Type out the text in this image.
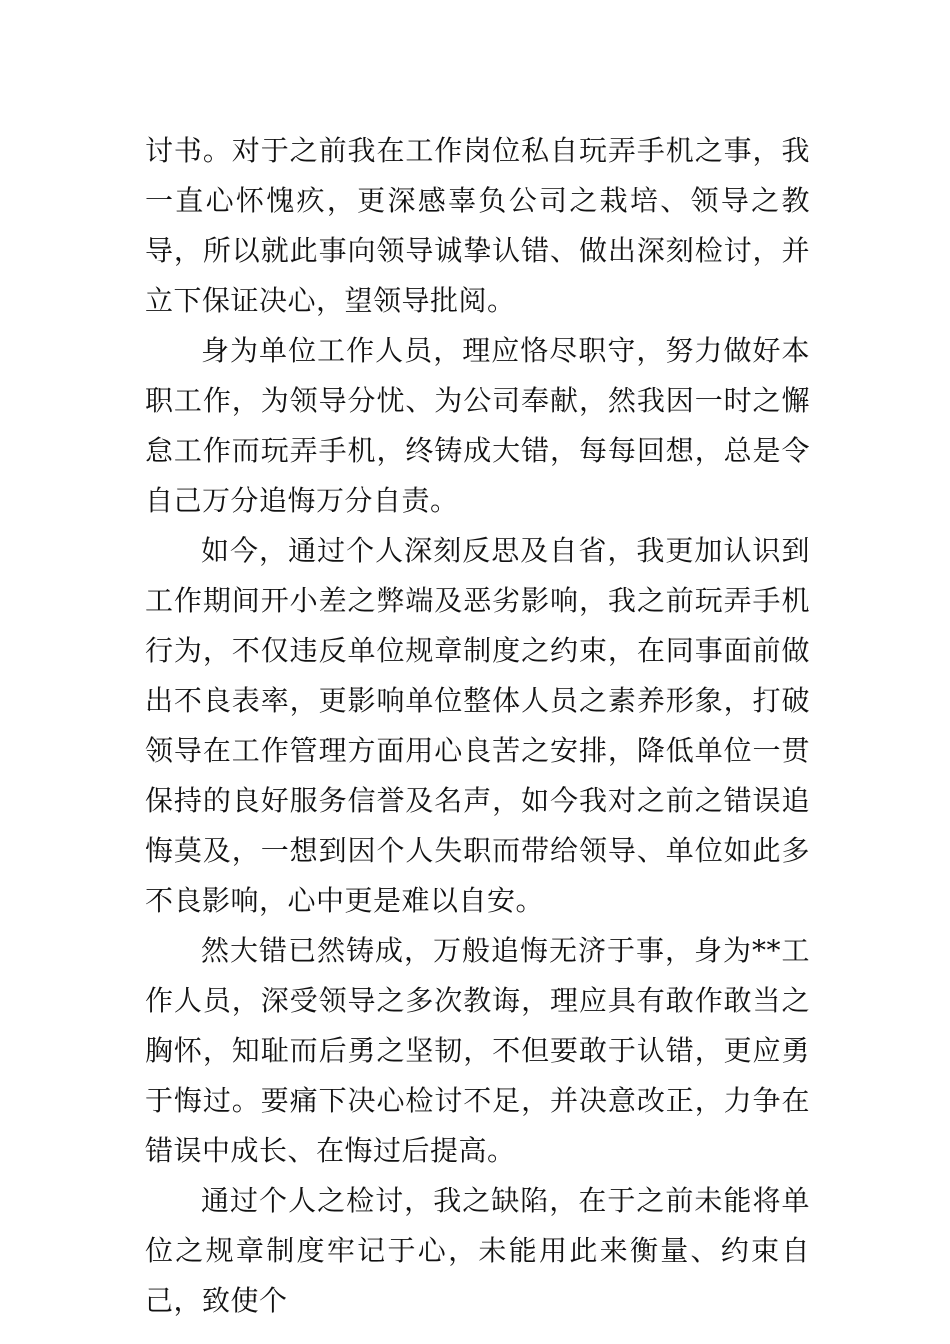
讨书。对于之前我在工作岗位私自玩弄手机之事，我一直心怀愧疚，更深感辜负公司之栽培、领导之教导，所以就此事向领导诚挚认错、做出深刻检讨，并立下保证决心，望领导批阅。

身为单位工作人员，理应恪尽职守，努力做好本职工作，为领导分忧、为公司奉献，然我因一时之懈怠工作而玩弄手机，终铸成大错，每每回想，总是令自己万分追悔万分自责。

如今，通过个人深刻反思及自省，我更加认识到工作期间开小差之弊端及恶劣影响，我之前玩弄手机行为，不仅违反单位规章制度之约束，在同事面前做出不良表率，更影响单位整体人员之素养形象，打破领导在工作管理方面用心良苦之安排，降低单位一贯保持的良好服务信誉及名声，如今我对之前之错误追悔莫及，一想到因个人失职而带给领导、单位如此多不良影响，心中更是难以自安。

然大错已然铸成，万般追悔无济于事，身为**工作人员，深受领导之多次教诲，理应具有敢作敢当之胸怀，知耻而后勇之坚韧，不但要敢于认错，更应勇于悔过。要痛下决心检讨不足，并决意改正，力争在错误中成长、在悔过后提高。

通过个人之检讨，我之缺陷，在于之前未能将单位之规章制度牢记于心，未能用此来衡量、约束自己，致使个
